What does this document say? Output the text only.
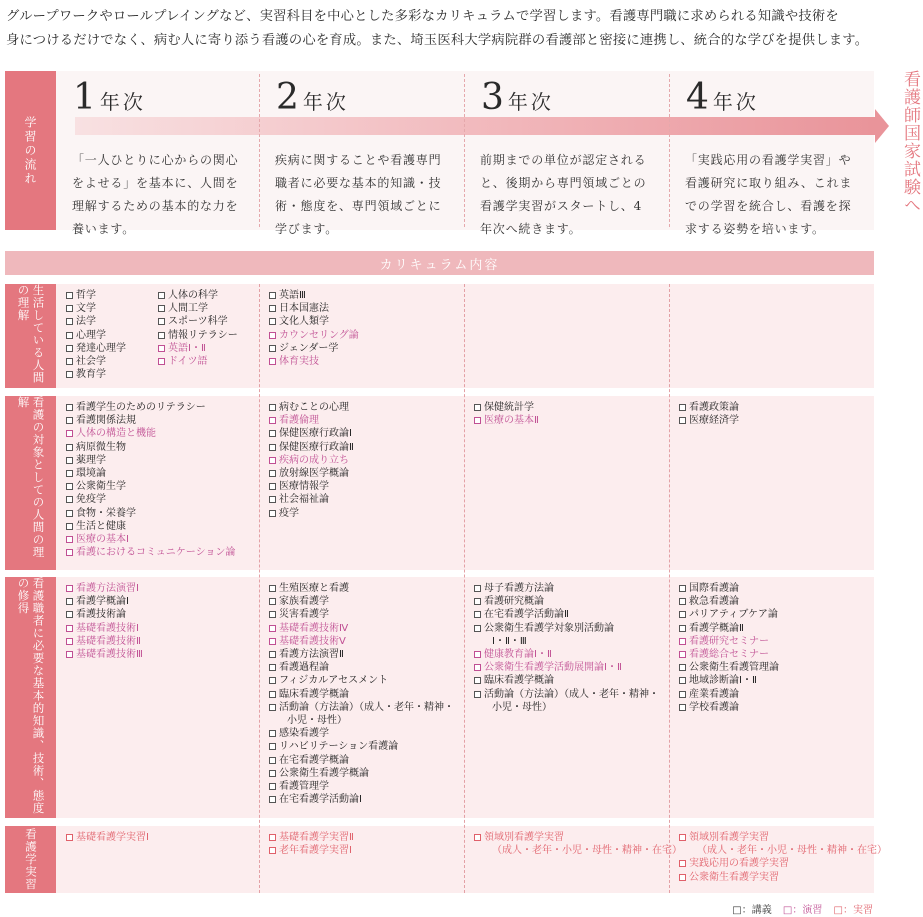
グループワークやロールプレイングなど、実習科目を中心とした多彩なカリキュラムで学習します。看護専門職に求められる知識や技術を
身につけるだけでなく、病む人に寄り添う看護の心を育成。また、埼玉医科大学病院群の看護部と密接に連携し、統合的な学びを提供します。
学習の流れ
1 年次
「一人ひとりに心からの関心をよせる」を基本に、人間を理解するための基本的な力を養います。
2 年次
疾病に関することや看護専門職者に必要な基本的知識・技術・態度を、専門領域ごとに学びます。
3 年次
前期までの単位が認定されると、後期から専門領域ごとの看護学実習がスタートし、4年次へ続きます。
4 年次
「実践応用の看護学実習」や看護研究に取り組み、これまでの学習を統合し、看護を探求する姿勢を培います。
看護師国家試験へ
カリキュラム内容
生活している人間の理解
看護の対象としての人間の理解
看護職者に必要な基本的知識、技術、態度の修得
看護学実習
哲学
文学
法学
心理学
発達心理学
社会学
教育学
人体の科学
人間工学
スポーツ科学
情報リテラシー
英語Ⅰ・Ⅱ
ドイツ語
英語Ⅲ
日本国憲法
文化人類学
カウンセリング論
ジェンダー学
体育実技
看護学生のためのリテラシー
看護関係法規
人体の構造と機能
病原微生物
薬理学
環境論
公衆衛生学
免疫学
食物・栄養学
生活と健康
医療の基本Ⅰ
看護におけるコミュニケーション論
病むことの心理
看護倫理
保健医療行政論Ⅰ
保健医療行政論Ⅱ
疾病の成り立ち
放射線医学概論
医療情報学
社会福祉論
疫学
保健統計学
医療の基本Ⅱ
看護政策論
医療経済学
看護方法演習Ⅰ
看護学概論Ⅰ
看護技術論
基礎看護技術Ⅰ
基礎看護技術Ⅱ
基礎看護技術Ⅲ
生殖医療と看護
家族看護学
災害看護学
基礎看護技術Ⅳ
基礎看護技術Ⅴ
看護方法演習Ⅱ
看護過程論
フィジカルアセスメント
臨床看護学概論
活動論（方法論）（成人・老年・精神・
小児・母性）
感染看護学
リハビリテーション看護論
在宅看護学概論
公衆衛生看護学概論
看護管理学
在宅看護学活動論Ⅰ
母子看護方法論
看護研究概論
在宅看護学活動論Ⅱ
公衆衛生看護学対象別活動論
Ⅰ・Ⅱ・Ⅲ
健康教育論Ⅰ・Ⅱ
公衆衛生看護学活動展開論Ⅰ・Ⅱ
臨床看護学概論
活動論（方法論）（成人・老年・精神・
小児・母性）
国際看護論
救急看護論
パリアティブケア論
看護学概論Ⅱ
看護研究セミナー
看護総合セミナー
公衆衛生看護管理論
地域診断論Ⅰ・Ⅱ
産業看護論
学校看護論
基礎看護学実習Ⅰ	基礎看護学実習Ⅱ
老年看護学実習Ⅰ
領域別看護学実習
（成人・老年・小児・母性・精神・在宅）
領域別看護学実習
（成人・老年・小児・母性・精神・在宅）
実践応用の看護学実習
公衆衛生看護学実習
□：講義 □：演習 □：実習
